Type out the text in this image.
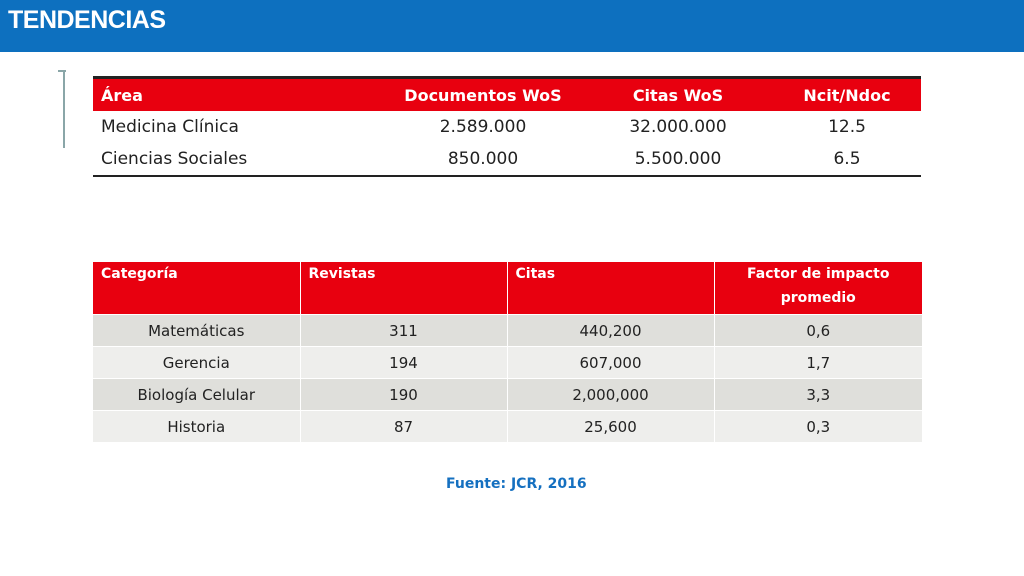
TENDENCIAS
Área	Documentos WoS	Citas WoS	Ncit/Ndoc
Medicina Clínica	2.589.000	32.000.000	12.5
Ciencias Sociales	850.000	5.500.000	6.5
Categoría	Revistas	Citas	Factor de impacto promedio
Matemáticas	311	440,200	0,6
Gerencia	194	607,000	1,7
Biología Celular	190	2,000,000	3,3
Historia	87	25,600	0,3
Fuente: JCR, 2016
